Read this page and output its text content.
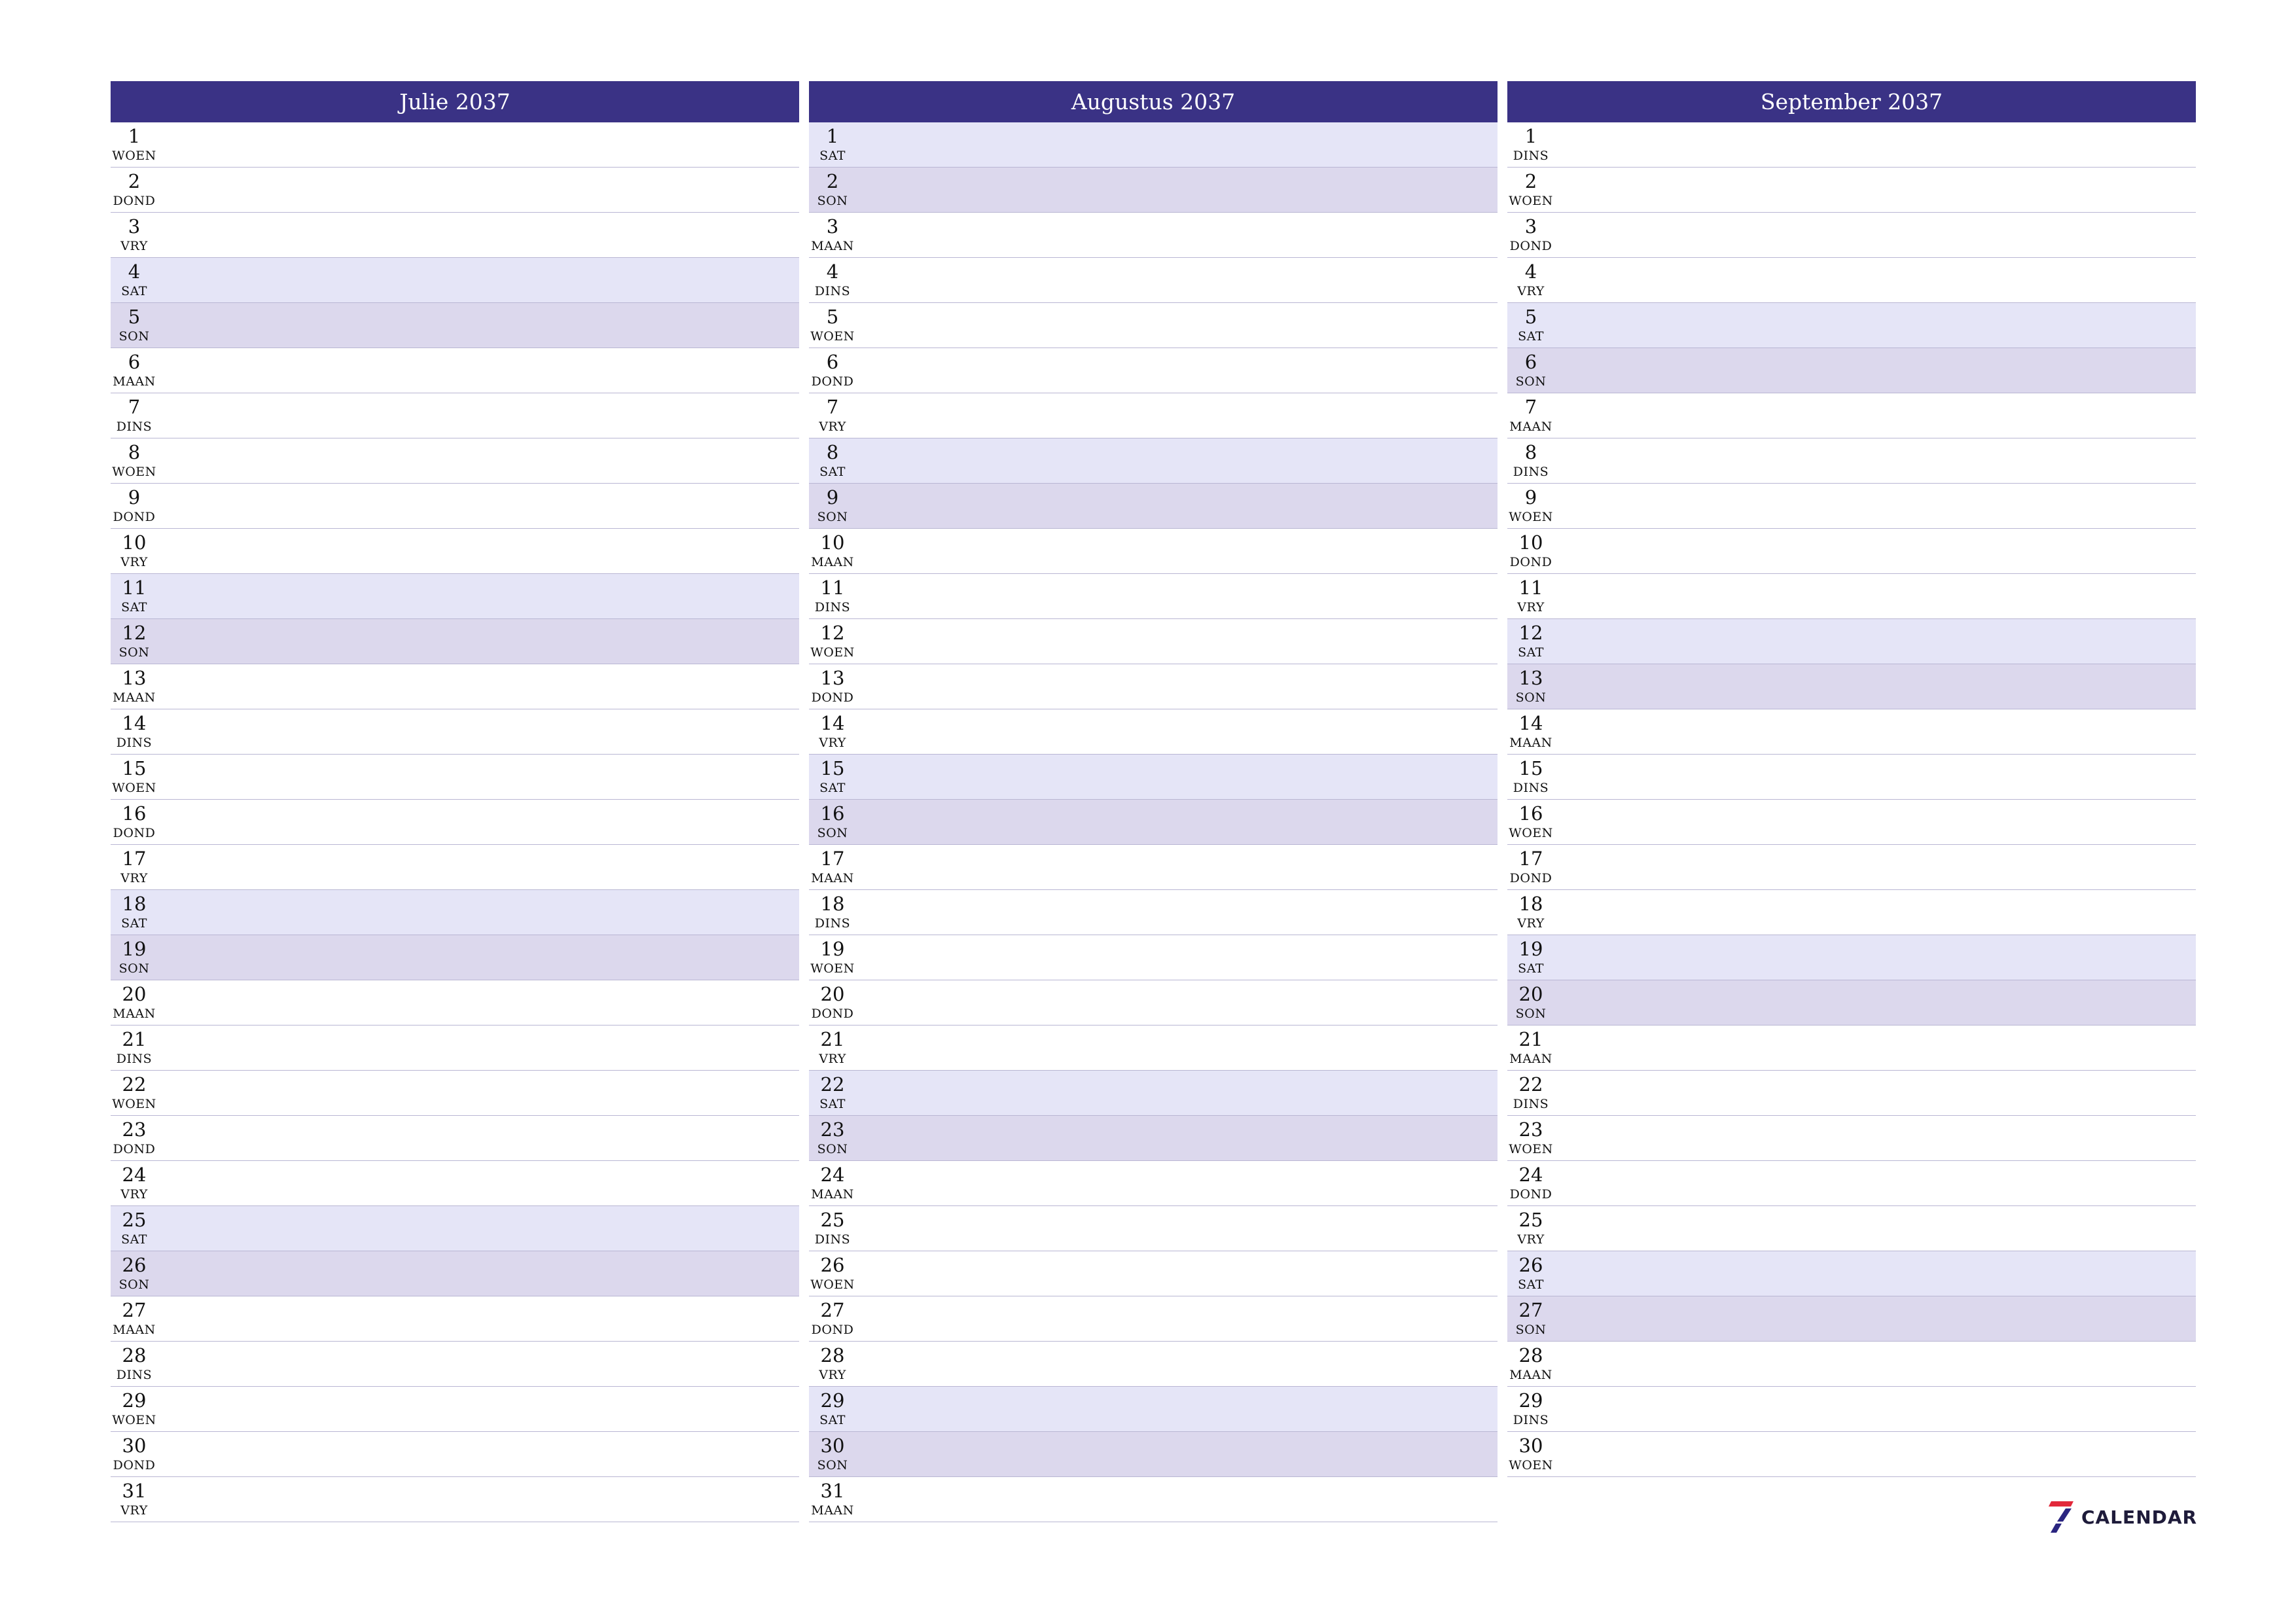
Julie 2037
1
WOEN
2
DOND
3
VRY
4
SAT
5
SON
6
MAAN
7
DINS
8
WOEN
9
DOND
10
VRY
11
SAT
12
SON
13
MAAN
14
DINS
15
WOEN
16
DOND
17
VRY
18
SAT
19
SON
20
MAAN
21
DINS
22
WOEN
23
DOND
24
VRY
25
SAT
26
SON
27
MAAN
28
DINS
29
WOEN
30
DOND
31
VRY
Augustus 2037
1
SAT
2
SON
3
MAAN
4
DINS
5
WOEN
6
DOND
7
VRY
8
SAT
9
SON
10
MAAN
11
DINS
12
WOEN
13
DOND
14
VRY
15
SAT
16
SON
17
MAAN
18
DINS
19
WOEN
20
DOND
21
VRY
22
SAT
23
SON
24
MAAN
25
DINS
26
WOEN
27
DOND
28
VRY
29
SAT
30
SON
31
MAAN
September 2037
1
DINS
2
WOEN
3
DOND
4
VRY
5
SAT
6
SON
7
MAAN
8
DINS
9
WOEN
10
DOND
11
VRY
12
SAT
13
SON
14
MAAN
15
DINS
16
WOEN
17
DOND
18
VRY
19
SAT
20
SON
21
MAAN
22
DINS
23
WOEN
24
DOND
25
VRY
26
SAT
27
SON
28
MAAN
29
DINS
30
WOEN
CALENDAR
